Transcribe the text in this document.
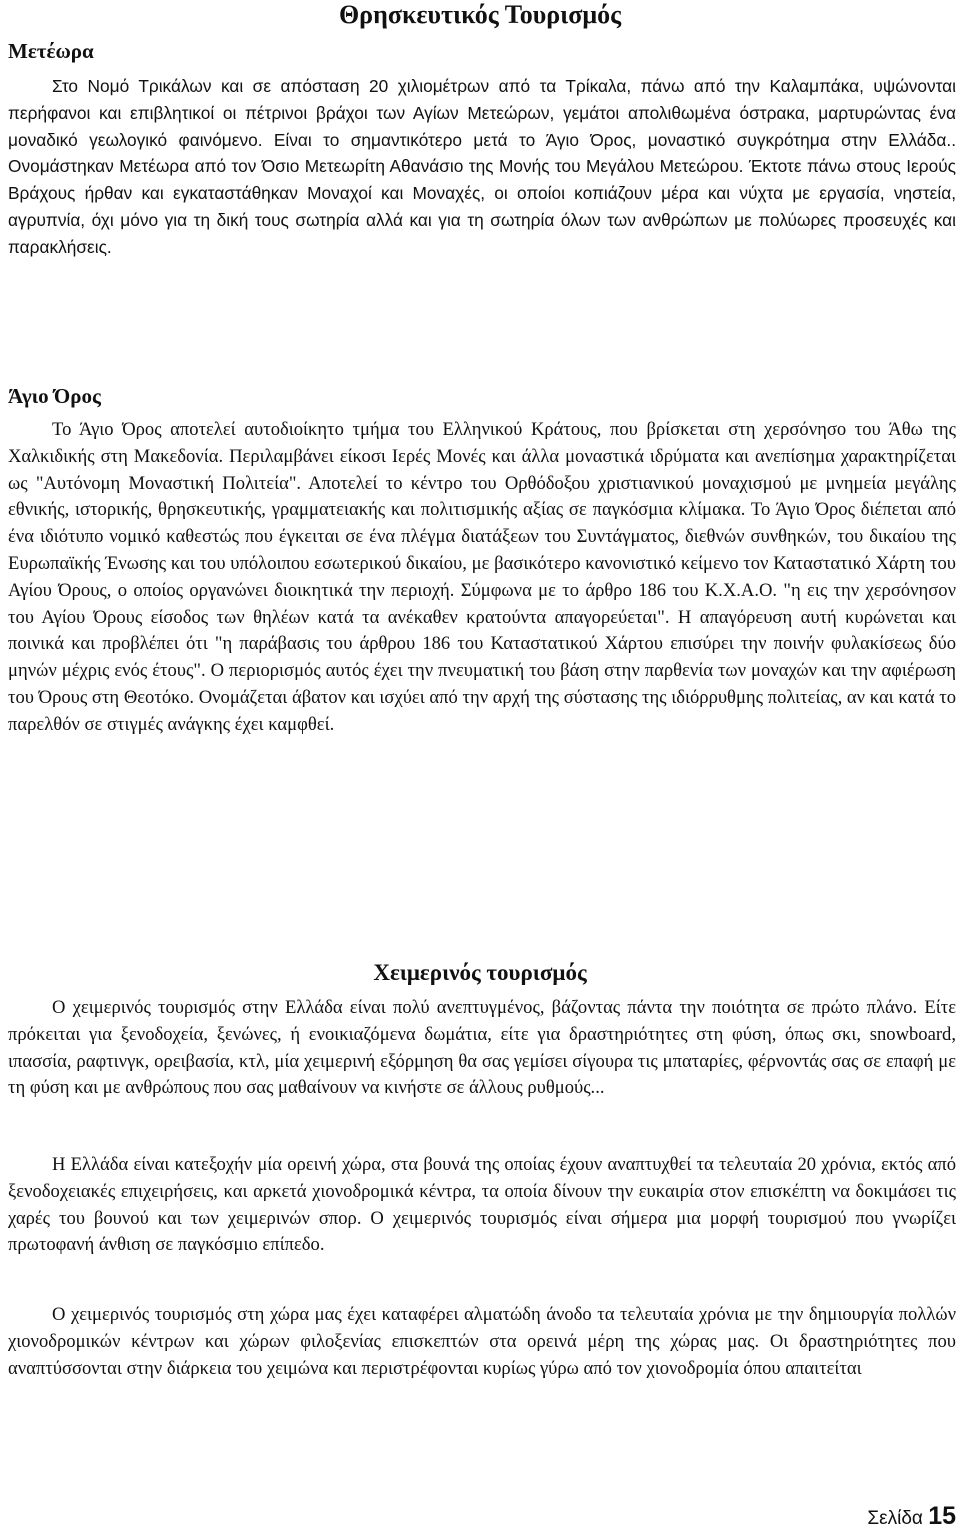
Θρησκευτικός Τουρισμός
Μετέωρα

Στο Νομό Τρικάλων και σε απόσταση 20 χιλιομέτρων από τα Τρίκαλα, πάνω από την Καλαμπάκα, υψώνονται περήφανοι και επιβλητικοί οι πέτρινοι βράχοι των Αγίων Μετεώρων, γεμάτοι απολιθωμένα όστρακα, μαρτυρώντας ένα μοναδικό γεωλογικό φαινόμενο. Είναι το σημαντικότερο μετά το Άγιο Όρος, μοναστικό συγκρότημα στην Ελλάδα.. Ονομάστηκαν Μετέωρα από τον Όσιο Μετεωρίτη Αθανάσιο της Μονής του Μεγάλου Μετεώρου. Έκτοτε πάνω στους Ιερούς Βράχους ήρθαν και εγκαταστάθηκαν Μοναχοί και Μοναχές, οι οποίοι κοπιάζουν μέρα και νύχτα με εργασία, νηστεία, αγρυπνία, όχι μόνο για τη δική τους σωτηρία αλλά και για τη σωτηρία όλων των ανθρώπων με πολύωρες προσευχές και παρακλήσεις.

Άγιο Όρος

Το Άγιο Όρος αποτελεί αυτοδιοίκητο τμήμα του Ελληνικού Κράτους, που βρίσκεται στη χερσόνησο του Άθω της Χαλκιδικής στη Μακεδονία. Περιλαμβάνει είκοσι Ιερές Μονές και άλλα μοναστικά ιδρύματα και ανεπίσημα χαρακτηρίζεται ως "Αυτόνομη Μοναστική Πολιτεία". Αποτελεί το κέντρο του Ορθόδοξου χριστιανικού μοναχισμού με μνημεία μεγάλης εθνικής, ιστορικής, θρησκευτικής, γραμματειακής και πολιτισμικής αξίας σε παγκόσμια κλίμακα. Το Άγιο Όρος διέπεται από ένα ιδιότυπο νομικό καθεστώς που έγκειται σε ένα πλέγμα διατάξεων του Συντάγματος, διεθνών συνθηκών, του δικαίου της Ευρωπαϊκής Ένωσης και του υπόλοιπου εσωτερικού δικαίου, με βασικότερο κανονιστικό κείμενο τον Καταστατικό Χάρτη του Αγίου Όρους, ο οποίος οργανώνει διοικητικά την περιοχή. Σύμφωνα με το άρθρο 186 του Κ.Χ.Α.Ο. "η εις την χερσόνησον του Αγίου Όρους είσοδος των θηλέων κατά τα ανέκαθεν κρατούντα απαγορεύεται". Η απαγόρευση αυτή κυρώνεται και ποινικά και προβλέπει ότι "η παράβασις του άρθρου 186 του Καταστατικού Χάρτου επισύρει την ποινήν φυλακίσεως δύο μηνών μέχρις ενός έτους". Ο περιορισμός αυτός έχει την πνευματική του βάση στην παρθενία των μοναχών και την αφιέρωση του Όρους στη Θεοτόκο. Ονομάζεται άβατον και ισχύει από την αρχή της σύστασης της ιδιόρρυθμης πολιτείας, αν και κατά το παρελθόν σε στιγμές ανάγκης έχει καμφθεί.

Χειμερινός τουρισμός

Ο χειμερινός τουρισμός στην Ελλάδα είναι πολύ ανεπτυγμένος, βάζοντας πάντα την ποιότητα σε πρώτο πλάνο. Είτε πρόκειται για ξενοδοχεία, ξενώνες, ή ενοικιαζόμενα δωμάτια, είτε για δραστηριότητες στη φύση, όπως σκι, snowboard, ιπασσία, ραφτινγκ, ορειβασία, κτλ, μία χειμερινή εξόρμηση θα σας γεμίσει σίγουρα τις μπαταρίες, φέρνοντάς σας σε επαφή με τη φύση και με ανθρώπους που σας μαθαίνουν να κινήστε σε άλλους ρυθμούς...

Η Ελλάδα είναι κατεξοχήν μία ορεινή χώρα, στα βουνά της οποίας έχουν αναπτυχθεί τα τελευταία 20 χρόνια, εκτός από ξενοδοχειακές επιχειρήσεις, και αρκετά χιονοδρομικά κέντρα, τα οποία δίνουν την ευκαιρία στον επισκέπτη να δοκιμάσει τις χαρές του βουνού και των χειμερινών σπορ. Ο χειμερινός τουρισμός είναι σήμερα μια μορφή τουρισμού που γνωρίζει πρωτοφανή άνθιση σε παγκόσμιο επίπεδο.

Ο χειμερινός τουρισμός στη χώρα μας έχει καταφέρει αλματώδη άνοδο τα τελευταία χρόνια με την δημιουργία πολλών χιονοδρομικών κέντρων και χώρων φιλοξενίας επισκεπτών στα ορεινά μέρη της χώρας μας. Οι δραστηριότητες που αναπτύσσονται στην διάρκεια του χειμώνα και περιστρέφονται κυρίως γύρω από τον χιονοδρομία όπου απαιτείται

Σελίδα 15
